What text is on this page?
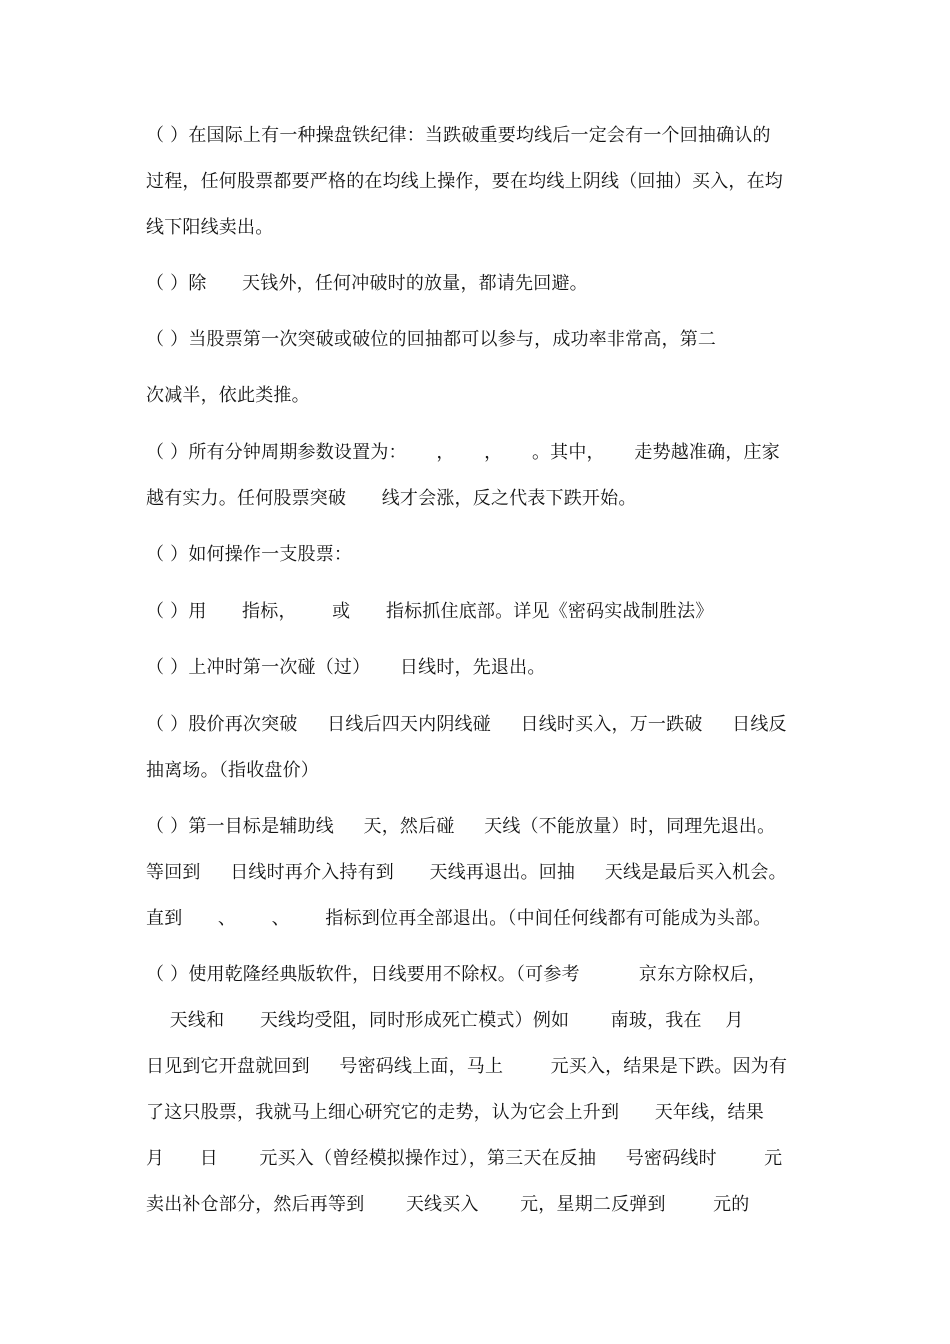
（ ）在国际上有一种操盘铁纪律：当跌破重要均线后一定会有一个回抽确认的
过程，任何股票都要严格的在均线上操作，要在均线上阴线（回抽）买入，在均
线下阳线卖出。
（ ）除      天钱外，任何冲破时的放量，都请先回避。
（ ）当股票第一次突破或破位的回抽都可以参与，成功率非常高，第二
次减半，依此类推。
（ ）所有分钟周期参数设置为：     ，     ，     。其中，     走势越准确，庄家
越有实力。任何股票突破      线才会涨，反之代表下跌开始。
（ ）如何操作一支股票：
（ ）用      指标，      或      指标抓住底部。详见《密码实战制胜法》
（ ）上冲时第一次碰（过）     日线时，先退出。
（ ）股价再次突破     日线后四天内阴线碰     日线时买入，万一跌破     日线反
抽离场。（指收盘价）
（ ）第一目标是辅助线     天，然后碰     天线（不能放量）时，同理先退出。
等回到     日线时再介入持有到      天线再退出。回抽     天线是最后买入机会。
直到      、      、      指标到位再全部退出。（中间任何线都有可能成为头部。
（ ）使用乾隆经典版软件，日线要用不除权。（可参考          京东方除权后，
天线和      天线均受阻，同时形成死亡模式）例如       南玻，我在    月
日见到它开盘就回到     号密码线上面，马上        元买入，结果是下跌。因为有
了这只股票，我就马上细心研究它的走势，认为它会上升到      天年线，结果
月      日       元买入（曾经模拟操作过），第三天在反抽     号密码线时        元
卖出补仓部分，然后再等到       天线买入       元，星期二反弹到        元的
